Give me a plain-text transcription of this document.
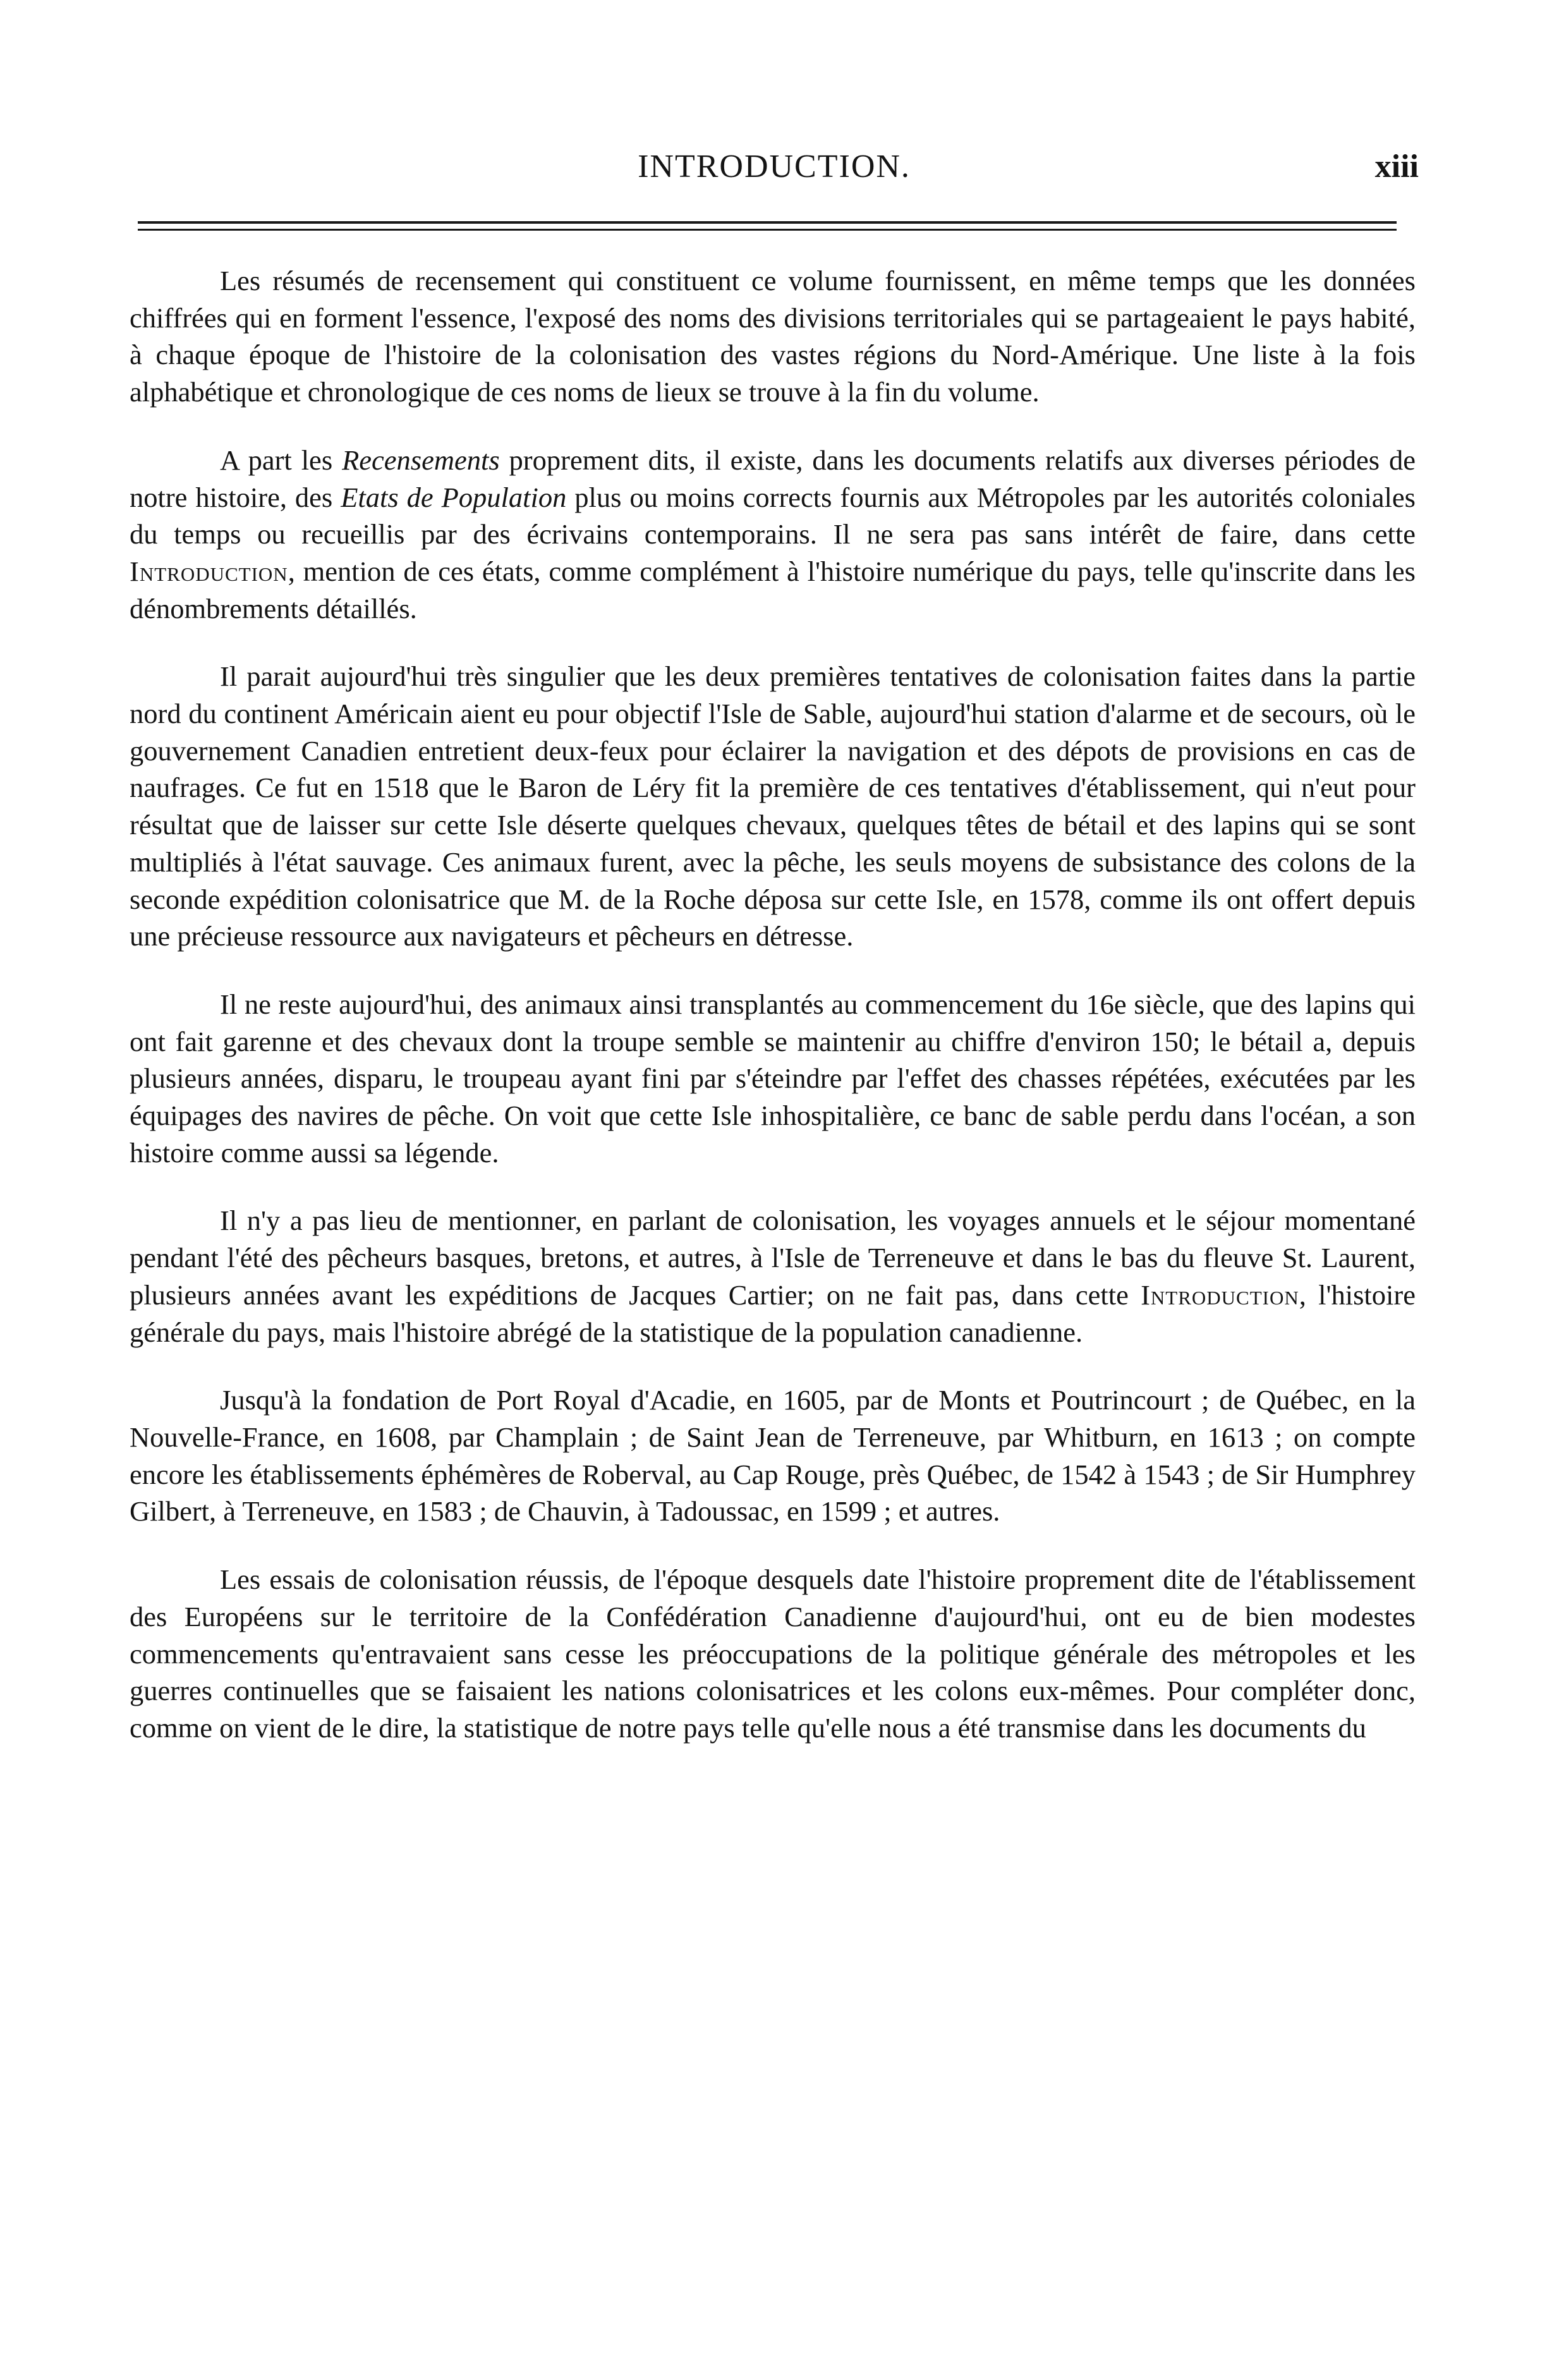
INTRODUCTION.	xiii

Les résumés de recensement qui constituent ce volume fournissent, en même temps que les données chiffrées qui en forment l'essence, l'exposé des noms des divisions territoriales qui se partageaient le pays habité, à chaque époque de l'histoire de la colonisation des vastes régions du Nord-Amérique. Une liste à la fois alphabétique et chronologique de ces noms de lieux se trouve à la fin du volume.

A part les Recensements proprement dits, il existe, dans les documents relatifs aux diverses périodes de notre histoire, des Etats de Population plus ou moins corrects fournis aux Métropoles par les autorités coloniales du temps ou recueillis par des écrivains contemporains. Il ne sera pas sans intérêt de faire, dans cette Introduction, mention de ces états, comme complément à l'histoire numérique du pays, telle qu'inscrite dans les dénombrements détaillés.

Il parait aujourd'hui très singulier que les deux premières tentatives de colonisation faites dans la partie nord du continent Américain aient eu pour objectif l'Isle de Sable, aujourd'hui station d'alarme et de secours, où le gouvernement Canadien entretient deux-feux pour éclairer la navigation et des dépots de provisions en cas de naufrages. Ce fut en 1518 que le Baron de Léry fit la première de ces tentatives d'établissement, qui n'eut pour résultat que de laisser sur cette Isle déserte quelques chevaux, quelques têtes de bétail et des lapins qui se sont multipliés à l'état sauvage. Ces animaux furent, avec la pêche, les seuls moyens de subsistance des colons de la seconde expédition colonisatrice que M. de la Roche déposa sur cette Isle, en 1578, comme ils ont offert depuis une précieuse ressource aux navigateurs et pêcheurs en détresse.

Il ne reste aujourd'hui, des animaux ainsi transplantés au commencement du 16e siècle, que des lapins qui ont fait garenne et des chevaux dont la troupe semble se maintenir au chiffre d'environ 150; le bétail a, depuis plusieurs années, disparu, le troupeau ayant fini par s'éteindre par l'effet des chasses répétées, exécutées par les équipages des navires de pêche. On voit que cette Isle inhospitalière, ce banc de sable perdu dans l'océan, a son histoire comme aussi sa légende.

Il n'y a pas lieu de mentionner, en parlant de colonisation, les voyages annuels et le séjour momentané pendant l'été des pêcheurs basques, bretons, et autres, à l'Isle de Terreneuve et dans le bas du fleuve St. Laurent, plusieurs années avant les expéditions de Jacques Cartier; on ne fait pas, dans cette Introduction, l'histoire générale du pays, mais l'histoire abrégé de la statistique de la population canadienne.

Jusqu'à la fondation de Port Royal d'Acadie, en 1605, par de Monts et Poutrincourt ; de Québec, en la Nouvelle-France, en 1608, par Champlain ; de Saint Jean de Terreneuve, par Whitburn, en 1613 ; on compte encore les établissements éphémères de Roberval, au Cap Rouge, près Québec, de 1542 à 1543 ; de Sir Humphrey Gilbert, à Terreneuve, en 1583 ; de Chauvin, à Tadoussac, en 1599 ; et autres.

Les essais de colonisation réussis, de l'époque desquels date l'histoire proprement dite de l'établissement des Européens sur le territoire de la Confédération Canadienne d'aujourd'hui, ont eu de bien modestes commencements qu'entravaient sans cesse les préoccupations de la politique générale des métropoles et les guerres continuelles que se faisaient les nations colonisatrices et les colons eux-mêmes. Pour compléter donc, comme on vient de le dire, la statistique de notre pays telle qu'elle nous a été transmise dans les documents du
